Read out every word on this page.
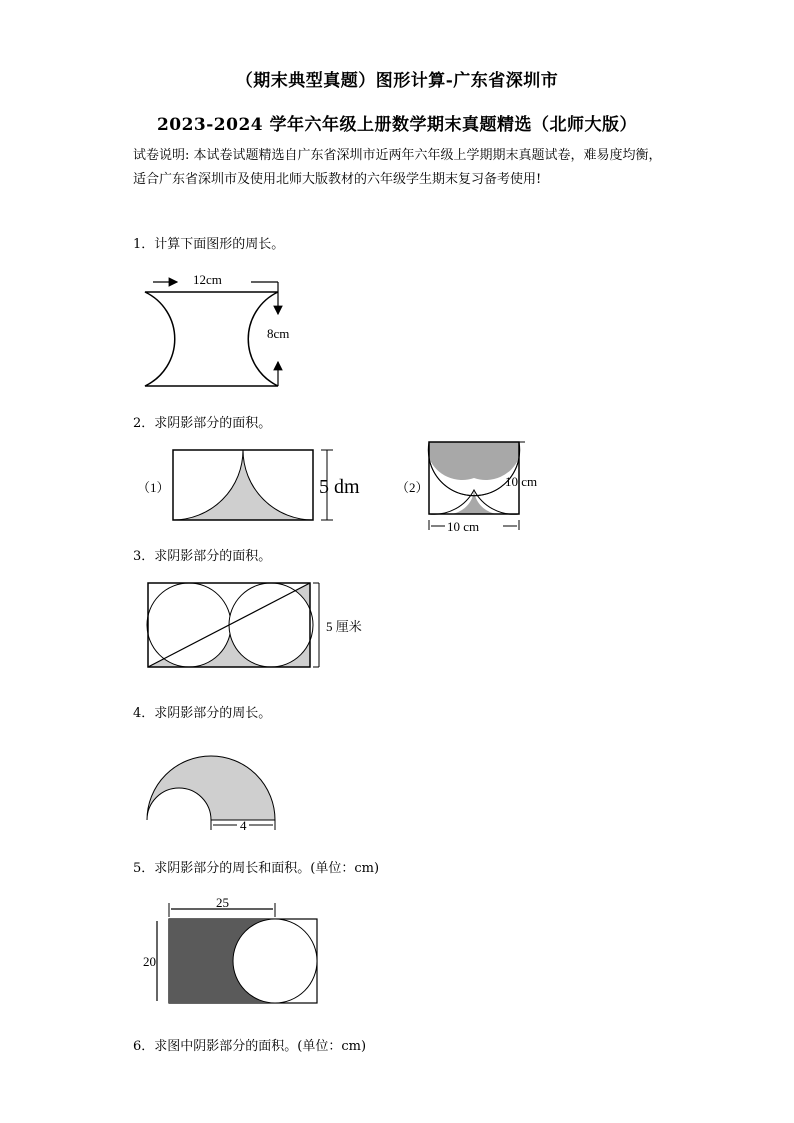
（期末典型真题）图形计算-广东省深圳市
2023-2024 学年六年级上册数学期末真题精选（北师大版）
试卷说明: 本试卷试题精选自广东省深圳市近两年六年级上学期期末真题试卷，难易度均衡，适合广东省深圳市及使用北师大版教材的六年级学生期末复习备考使用!
1．计算下面图形的周长。
12cm
8cm
2．求阴影部分的面积。
（1）	5 dm	（2）	10 cm
10 cm
3．求阴影部分的面积。
5 厘米
4．求阴影部分的周长。
4
5．求阴影部分的周长和面积。(单位：cm)
25
20
6．求图中阴影部分的面积。(单位：cm)
